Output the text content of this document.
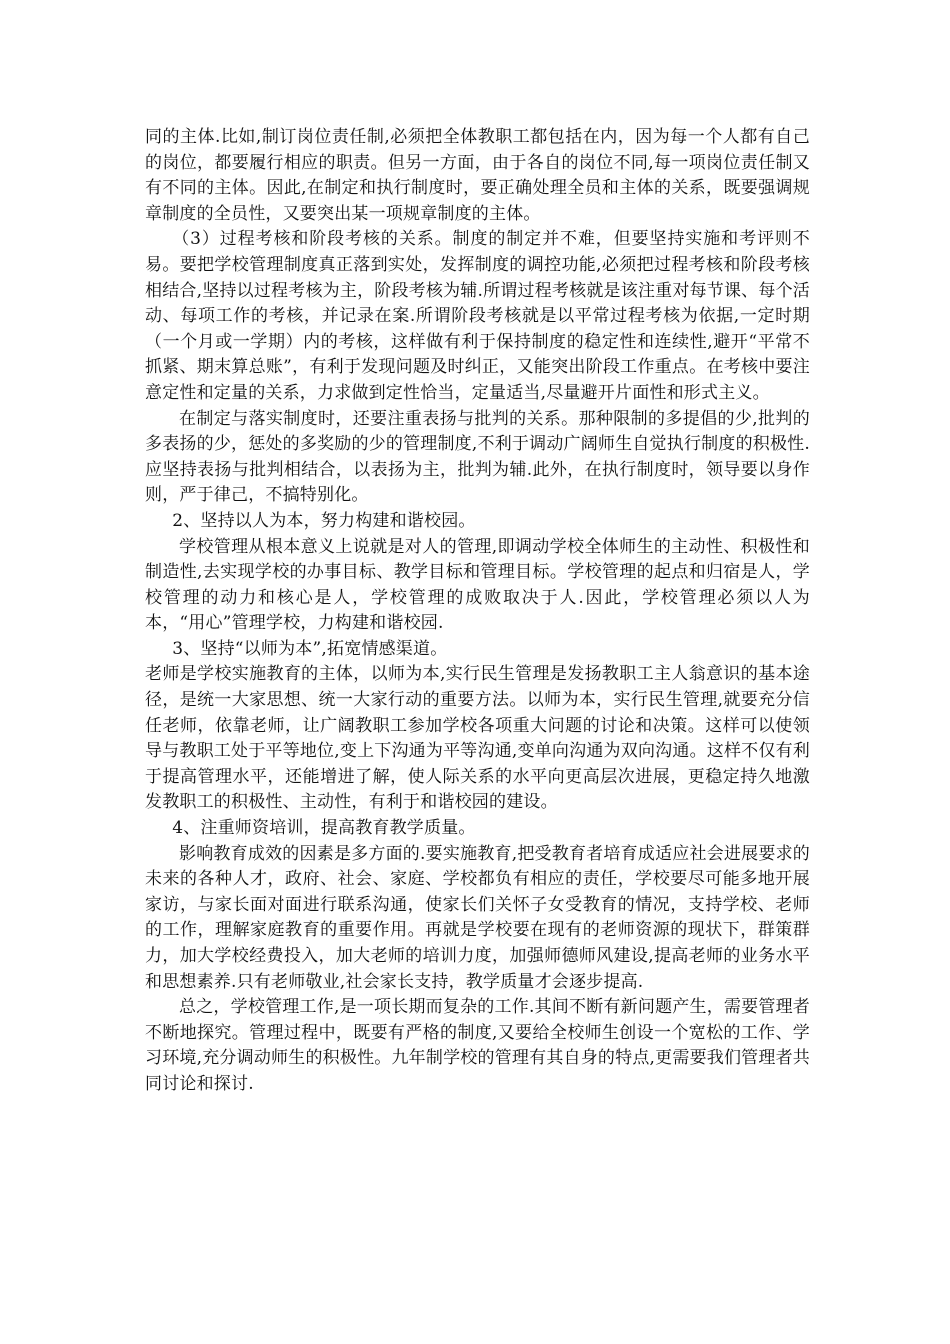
同的主体.比如,制订岗位责任制,必须把全体教职工都包括在内，因为每一个人都有自己的岗位，都要履行相应的职责。但另一方面，由于各自的岗位不同,每一项岗位责任制又有不同的主体。因此,在制定和执行制度时，要正确处理全员和主体的关系，既要强调规章制度的全员性，又要突出某一项规章制度的主体。

（3）过程考核和阶段考核的关系。制度的制定并不难，但要坚持实施和考评则不易。要把学校管理制度真正落到实处，发挥制度的调控功能,必须把过程考核和阶段考核相结合,坚持以过程考核为主，阶段考核为辅.所谓过程考核就是该注重对每节课、每个活动、每项工作的考核，并记录在案.所谓阶段考核就是以平常过程考核为依据,一定时期（一个月或一学期）内的考核，这样做有利于保持制度的稳定性和连续性,避开“平常不抓紧、期末算总账”，有利于发现问题及时纠正，又能突出阶段工作重点。在考核中要注意定性和定量的关系，力求做到定性恰当，定量适当,尽量避开片面性和形式主义。

在制定与落实制度时，还要注重表扬与批判的关系。那种限制的多提倡的少,批判的多表扬的少，惩处的多奖励的少的管理制度,不利于调动广阔师生自觉执行制度的积极性.应坚持表扬与批判相结合，以表扬为主，批判为辅.此外，在执行制度时，领导要以身作则，严于律己，不搞特别化。

2、坚持以人为本，努力构建和谐校园。

学校管理从根本意义上说就是对人的管理,即调动学校全体师生的主动性、积极性和制造性,去实现学校的办事目标、教学目标和管理目标。学校管理的起点和归宿是人，学校管理的动力和核心是人，学校管理的成败取决于人.因此，学校管理必须以人为本，“用心”管理学校，力构建和谐校园.

3、坚持“以师为本”,拓宽情感渠道。

老师是学校实施教育的主体，以师为本,实行民生管理是发扬教职工主人翁意识的基本途径，是统一大家思想、统一大家行动的重要方法。以师为本，实行民生管理,就要充分信任老师，依靠老师，让广阔教职工参加学校各项重大问题的讨论和决策。这样可以使领导与教职工处于平等地位,变上下沟通为平等沟通,变单向沟通为双向沟通。这样不仅有利于提高管理水平，还能增进了解，使人际关系的水平向更高层次进展，更稳定持久地激发教职工的积极性、主动性，有利于和谐校园的建设。

4、注重师资培训，提高教育教学质量。

影响教育成效的因素是多方面的.要实施教育,把受教育者培育成适应社会进展要求的未来的各种人才，政府、社会、家庭、学校都负有相应的责任，学校要尽可能多地开展家访，与家长面对面进行联系沟通，使家长们关怀子女受教育的情况，支持学校、老师的工作，理解家庭教育的重要作用。再就是学校要在现有的老师资源的现状下，群策群力，加大学校经费投入，加大老师的培训力度，加强师德师风建设,提高老师的业务水平和思想素养.只有老师敬业,社会家长支持，教学质量才会逐步提高.

总之，学校管理工作,是一项长期而复杂的工作.其间不断有新问题产生，需要管理者不断地探究。管理过程中，既要有严格的制度,又要给全校师生创设一个宽松的工作、学习环境,充分调动师生的积极性。九年制学校的管理有其自身的特点,更需要我们管理者共同讨论和探讨.
